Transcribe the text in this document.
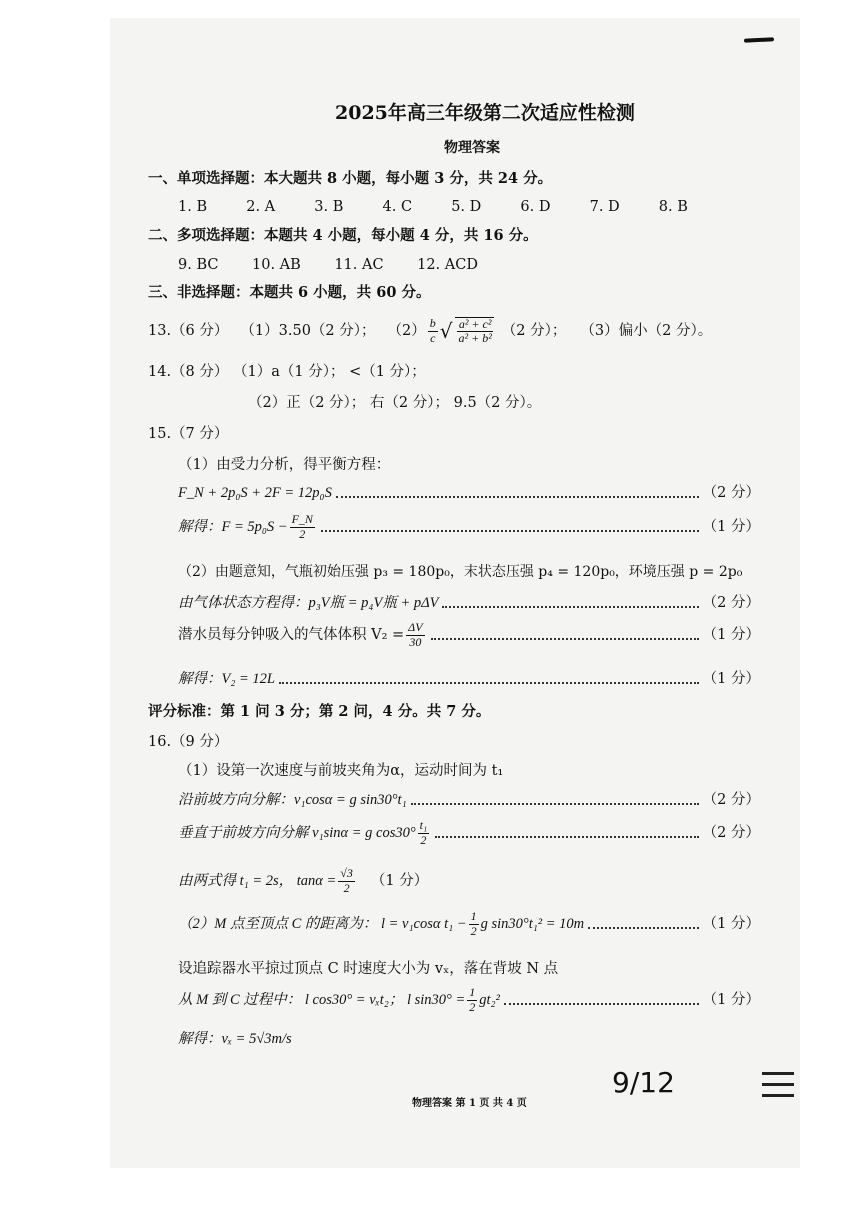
2025年高三年级第二次适应性检测
物理答案
一、单项选择题：本大题共 8 小题，每小题 3 分，共 24 分。
1. B	2. A	3. B	4. C	5. D	6. D	7. D	8. B
二、多项选择题：本题共 4 小题，每小题 4 分，共 16 分。
9. BC 10. AB 11. AC 12. ACD
三、非选择题：本题共 6 小题，共 60 分。
13.（6 分） （1）3.50（2 分）； $(2) \frac{b}{c}$ √ $\frac{\text{a² + c²}}{\text{a² + b²}} (2$ 分）； （3）偏小（2 分）。
14.（8 分） （1）a（1 分）； <（1 分）；
（2）正（2 分）； 右（2 分）； 9.5（2 分）。
15.（7 分）
（1）由受力分析，得平衡方程：
F_N + 2p₀S + 2F = 12p₀S	（2 分）
解得：$F = 5p_0S - \frac{F\_N}{2}$	（1 分）
（2）由题意知，气瓶初始压强 p₃ = 180p₀，末状态压强 p₄ = 120p₀，环境压强 p = 2p₀
由气体状态方程得：p₃V瓶 = p₄V瓶 + pΔV	（2 分）
潜水员每分钟吸入的气体体积 $V_2 = \frac{\Delta V}{30}$	（1 分）
解得：V₂ = 12L	（1 分）
评分标准：第 1 问 3 分；第 2 问，4 分。共 7 分。
16.（9 分）
（1）设第一次速度与前坡夹角为α，运动时间为 t₁
沿前坡方向分解：v₁cosα = g sin30°t₁	（2 分）
垂直于前坡方向分解 v₁sinα = g $\cos 30^\circ \frac{\text{t₁}}{2}$	（2 分）
由两式得 t₁ = 2s， $\tan\alpha = \frac{√3}{2} (1$ 分）
（2）M 点至顶点 C 的距离为： l = v₁cosα $t_1 - \frac{1}{2}$ g sin30°t₁² = 10m	（1 分）
设追踪器水平掠过顶点 C 时速度大小为 vₓ，落在背坡 N 点
从 M 到 C 过程中： l cos30° = vₓt₂； l $\sin 30^\circ = \frac{1}{2} gt_2^2$	（1 分）
解得：vₓ = 5√3m/s
物理答案 第 1 页 共 4 页
9/12
